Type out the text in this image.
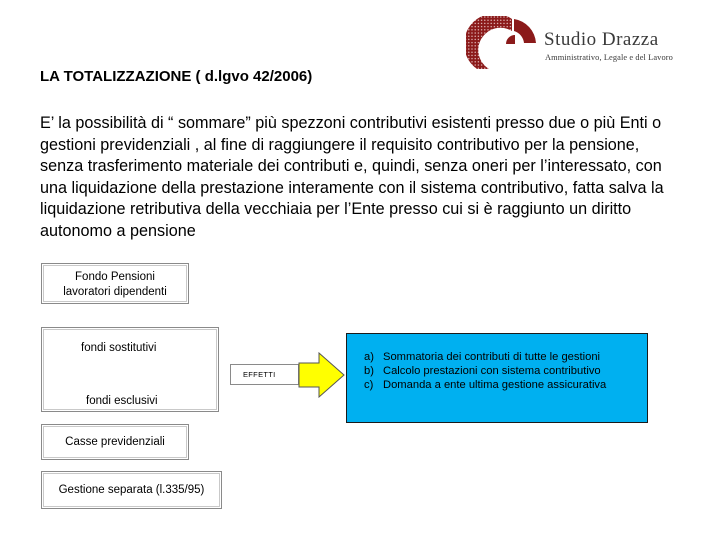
Studio Drazza
Amministrativo, Legale e del Lavoro
LA TOTALIZZAZIONE ( d.lgvo 42/2006)
E’ la possibilità di “ sommare” più spezzoni contributivi esistenti presso due o più Enti o gestioni previdenziali , al fine di raggiungere il requisito contributivo per la pensione, senza trasferimento materiale dei contributi e, quindi, senza oneri per l’interessato, con una liquidazione della prestazione interamente con il sistema contributivo, fatta salva la liquidazione retributiva della vecchiaia per l’Ente presso cui si è raggiunto un diritto autonomo a pensione
Fondo Pensioni
lavoratori dipendenti
fondi sostitutivi
fondi esclusivi
Casse previdenziali
Gestione separata (l.335/95)
EFFETTI
a) Sommatoria dei contributi di tutte le gestioni
b) Calcolo prestazioni con sistema contributivo
c) Domanda a ente ultima gestione assicurativa
